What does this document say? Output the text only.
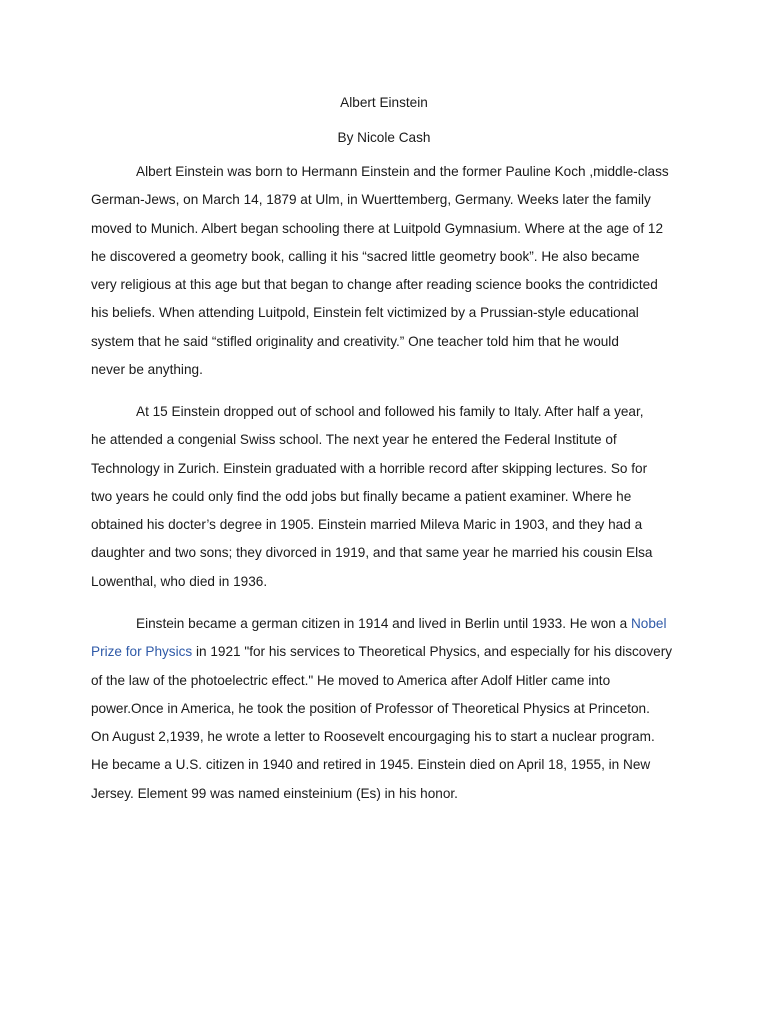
Albert Einstein

By Nicole Cash

Albert Einstein was born to Hermann Einstein and the former Pauline Koch ,middle-class
German-Jews, on March 14, 1879 at Ulm, in Wuerttemberg, Germany. Weeks later the family
moved to Munich. Albert began schooling there at Luitpold Gymnasium. Where at the age of 12
he discovered a geometry book, calling it his “sacred little geometry book”. He also became
very religious at this age but that began to change after reading science books the contridicted
his beliefs. When attending Luitpold, Einstein felt victimized by a Prussian-style educational
system that he said “stifled originality and creativity.” One teacher told him that he would
never be anything.
At 15 Einstein dropped out of school and followed his family to Italy. After half a year,
he attended a congenial Swiss school. The next year he entered the Federal Institute of
Technology in Zurich. Einstein graduated with a horrible record after skipping lectures. So for
two years he could only find the odd jobs but finally became a patient examiner. Where he
obtained his docter’s degree in 1905. Einstein married Mileva Maric in 1903, and they had a
daughter and two sons; they divorced in 1919, and that same year he married his cousin Elsa
Lowenthal, who died in 1936.
Einstein became a german citizen in 1914 and lived in Berlin until 1933. He won a Nobel
Prize for Physics in 1921 "for his services to Theoretical Physics, and especially for his discovery
of the law of the photoelectric effect." He moved to America after Adolf Hitler came into
power.Once in America, he took the position of Professor of Theoretical Physics at Princeton.
On August 2,1939, he wrote a letter to Roosevelt encourgaging his to start a nuclear program.
He became a U.S. citizen in 1940 and retired in 1945. Einstein died on April 18, 1955, in New
Jersey. Element 99 was named einsteinium (Es) in his honor.
